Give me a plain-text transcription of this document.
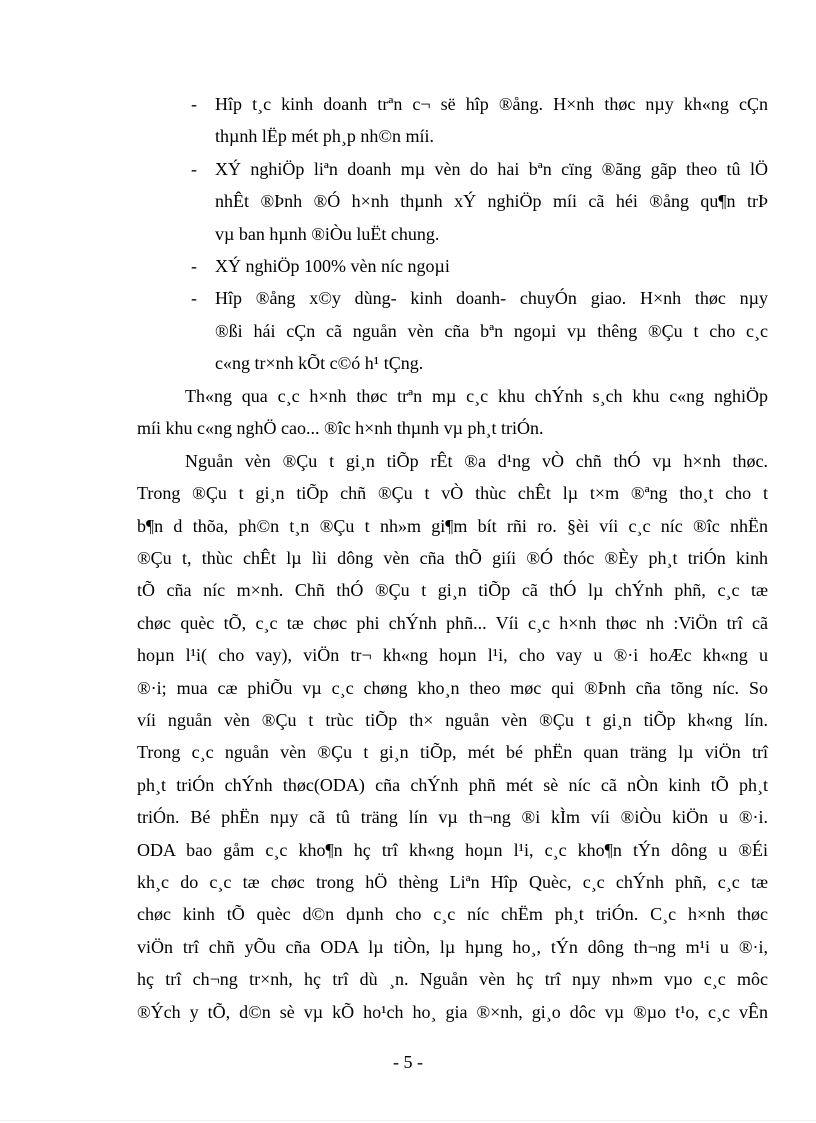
- Hîp t¸c kinh doanh trªn c¬ së hîp ®ång. H×nh thøc nµy kh«ng cÇn
thµnh lËp mét ph¸p nh©n míi.
- XÝ nghiÖp liªn doanh mµ vèn do hai bªn cïng ®ãng gãp theo tû lÖ
nhÊt ®Þnh ®Ó h×nh thµnh xÝ nghiÖp míi cã héi ®ång qu¶n trÞ
vµ ban hµnh ®iÒu luËt chung.
- XÝ nghiÖp 100% vèn níc ngoµi
- Hîp ®ång x©y dùng- kinh doanh- chuyÓn giao. H×nh thøc nµy
®ßi hái cÇn cã nguån vèn cña bªn ngoµi vµ thêng ®Çu t cho c¸c
c«ng tr×nh kÕt c©ó h¹ tÇng.
Th«ng qua c¸c h×nh thøc trªn mµ c¸c khu chÝnh s¸ch khu c«ng nghiÖp
míi khu c«ng nghÖ cao... ®îc h×nh thµnh vµ ph¸t triÓn.
Nguån vèn ®Çu t gi¸n tiÕp rÊt ®a d¹ng vÒ chñ thÓ vµ h×nh thøc.
Trong ®Çu t gi¸n tiÕp chñ ®Çu t vÒ thùc chÊt lµ t×m ®ªng tho¸t cho t
b¶n d thõa, ph©n t¸n ®Çu t nh»m gi¶m bít rñi ro. §èi víi c¸c níc ®îc nhËn
®Çu t, thùc chÊt lµ lìi dông vèn cña thÕ giíi ®Ó thóc ®Èy ph¸t triÓn kinh
tÕ cña níc m×nh. Chñ thÓ ®Çu t gi¸n tiÕp cã thÓ lµ chÝnh phñ, c¸c tæ
chøc quèc tÕ, c¸c tæ chøc phi chÝnh phñ... Víi c¸c h×nh thøc nh :ViÖn trî cã
hoµn l¹i( cho vay), viÖn tr¬ kh«ng hoµn l¹i, cho vay u ®·i hoÆc kh«ng u
®·i; mua cæ phiÕu vµ c¸c chøng kho¸n theo møc qui ®Þnh cña tõng níc. So
víi nguån vèn ®Çu t trùc tiÕp th× nguån vèn ®Çu t gi¸n tiÕp kh«ng lín.
Trong c¸c nguån vèn ®Çu t gi¸n tiÕp, mét bé phËn quan träng lµ viÖn trî
ph¸t triÓn chÝnh thøc(ODA) cña chÝnh phñ mét sè níc cã nÒn kinh tÕ ph¸t
triÓn. Bé phËn nµy cã tû träng lín vµ th¬ng ®i kÌm víi ®iÒu kiÖn u ®·i.
ODA bao gåm c¸c kho¶n hç trî kh«ng hoµn l¹i, c¸c kho¶n tÝn dông u ®Éi
kh¸c do c¸c tæ chøc trong hÖ thèng Liªn Hîp Quèc, c¸c chÝnh phñ, c¸c tæ
chøc kinh tÕ quèc d©n dµnh cho c¸c níc chËm ph¸t triÓn. C¸c h×nh thøc
viÖn trî chñ yÕu cña ODA lµ tiÒn, lµ hµng ho¸, tÝn dông th¬ng m¹i u ®·i,
hç trî ch¬ng tr×nh, hç trî dù ¸n. Nguån vèn hç trî nµy nh»m vµo c¸c môc
®Ých y tÕ, d©n sè vµ kÕ ho¹ch ho¸ gia ®×nh, gi¸o dôc vµ ®µo t¹o, c¸c vÊn
- 5 -
